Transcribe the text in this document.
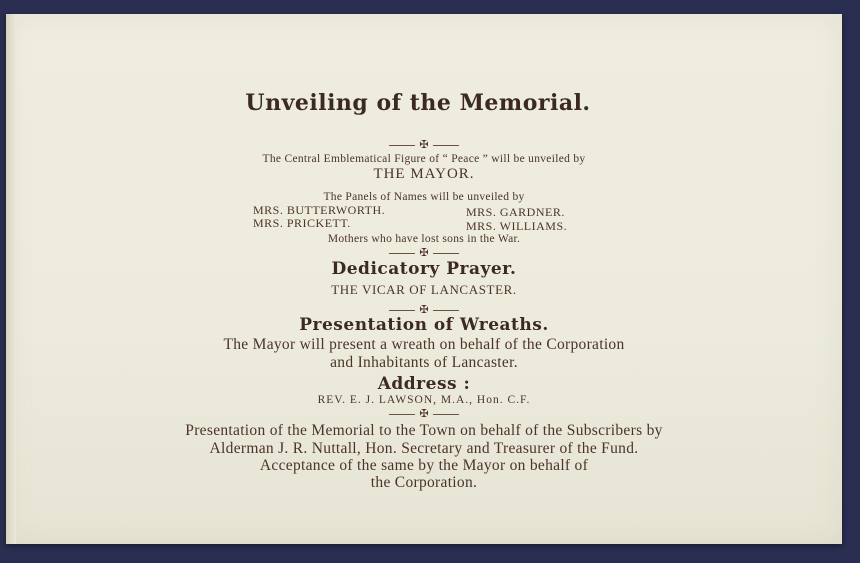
Unveiling of the Memorial.
✠
The Central Emblematical Figure of “ Peace ” will be unveiled by
THE MAYOR.
The Panels of Names will be unveiled by
MRS. BUTTERWORTH.	MRS. GARDNER.
MRS. PRICKETT.	MRS. WILLIAMS.
Mothers who have lost sons in the War.
✠
Dedicatory Prayer.
THE VICAR OF LANCASTER.
✠
Presentation of Wreaths.
The Mayor will present a wreath on behalf of the Corporation
and Inhabitants of Lancaster.
Address :
REV. E. J. LAWSON, M.A., Hon. C.F.
✠
Presentation of the Memorial to the Town on behalf of the Subscribers by
Alderman J. R. Nuttall, Hon. Secretary and Treasurer of the Fund.
Acceptance of the same by the Mayor on behalf of
the Corporation.
